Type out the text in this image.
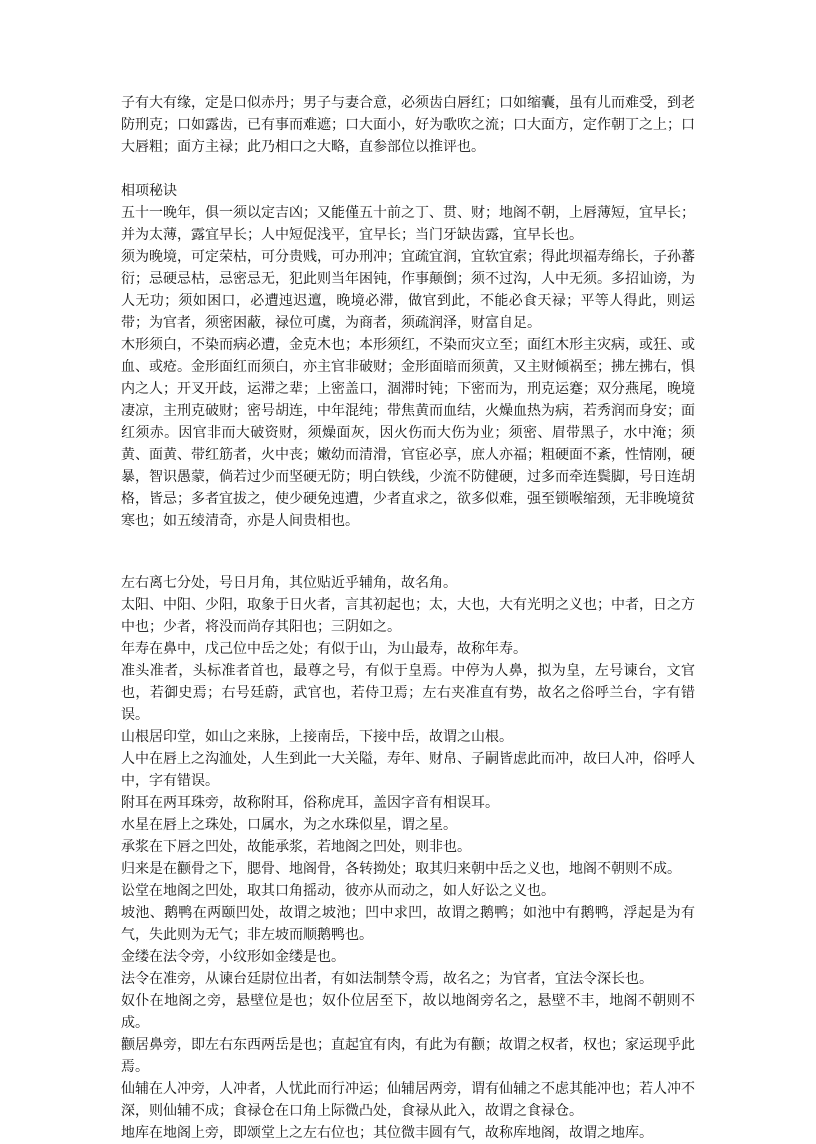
子有大有缘，定是口似赤丹；男子与妻合意，必须齿白唇红；口如缩囊，虽有儿而难受，到老防刑克；口如露齿，已有事而难遮；口大面小，好为歌吹之流；口大面方，定作朝丁之上；口大唇粗；面方主禄；此乃相口之大略，直参部位以推评也。

相项秘诀

五十一晚年，俱一须以定吉凶；又能僅五十前之丁、贯、财；地阁不朝，上唇薄短，宜早长；并为太薄，露宜早长；人中短促浅平，宜早长；当门牙缺齿露，宜早长也。

须为晚境，可定荣枯，可分贵贱，可办刑冲；宜疏宜润，宜软宜索；得此坝福寿绵长，子孙蕃衍；忌硬忌枯，忌密忌无，犯此则当年困钝，作事颠倒；须不过沟，人中无须。多招讪谤，为人无功；须如困口，必遭迍迟邅，晚境必滞，做官到此，不能必食天禄；平等人得此，则运带；为官者，须密困蔽，禄位可虞，为商者，须疏润泽，财富自足。

木形须白，不染而病必遭，金克木也；本形须红，不染而灾立至；面红木形主灾病，或狂、或血、或疮。金形面红而须白，亦主官非破财；金形面暗而须黄，又主财倾祸至；拂左拂右，惧内之人；开叉开歧，运滞之辈；上密盖口，涸滞时钝；下密而为，刑克运蹇；双分燕尾，晚境凄凉，主刑克破财；密号胡连，中年混纯；带焦黄而血结，火燥血热为病，若秀润而身安；面红须赤。因官非而大破资财，须燥面灰，因火伤而大伤为业；须密、眉带黑子，水中淹；须黄、面黄、带红筋者，火中丧；嫩幼而清滑，官宦必享，庶人亦福；粗硬面不紊，性情刚，硬暴，智识愚蒙，倘若过少而坚硬无防；明白铁线，少流不防健硬，过多而牵连鬓脚，号日连胡格，皆忌；多者宜拔之，使少硬免迍遭，少者直求之，欲多似难，强至锁喉缩颈，无非晚境贫寒也；如五绫清奇，亦是人间贵相也。

左右离七分处，号日月角，其位贴近乎辅角，故名角。

太阳、中阳、少阳，取象于日火者，言其初起也；太，大也，大有光明之义也；中者，日之方中也；少者，将没而尚存其阳也；三阴如之。

年寿在鼻中，戊己位中岳之处；有似于山，为山最寿，故称年寿。

准头准者，头标准者首也，最尊之号，有似于皇焉。中停为人鼻，拟为皇，左号谏台，文官也，若御史焉；右号廷蔚，武官也，若侍卫焉；左右夹准直有势，故名之俗呼兰台，字有错误。

山根居印堂，如山之来脉，上接南岳，下接中岳，故谓之山根。

人中在唇上之沟洫处，人生到此一大关隘，寿年、财帛、子嗣皆虑此而冲，故曰人冲，俗呼人中，字有错误。

附耳在两耳珠旁，故称附耳，俗称虎耳，盖因字音有相误耳。

水星在唇上之珠处，口属水，为之水珠似星，谓之星。

承浆在下唇之凹处，故能承浆，若地阁之凹处，则非也。

归来是在颧骨之下，腮骨、地阁骨，各转拗处；取其归来朝中岳之义也，地阁不朝则不成。

讼堂在地阁之凹处，取其口角摇动，彼亦从而动之，如人好讼之义也。

坡池、鹅鸭在两颐凹处，故谓之坡池；凹中求凹，故谓之鹅鸭；如池中有鹅鸭，浮起是为有气，失此则为无气；非左坡而顺鹅鸭也。

金缕在法令旁，小纹形如金缕是也。

法令在准旁，从谏台廷尉位出者，有如法制禁令焉，故名之；为官者，宜法令深长也。

奴仆在地阁之旁，悬壁位是也；奴仆位居至下，故以地阁旁名之，悬壁不丰，地阁不朝则不成。

颧居鼻旁，即左右东西两岳是也；直起宜有肉，有此为有颧；故谓之权者，权也；家运现乎此焉。

仙辅在人冲旁，人冲者，人忧此而行冲运；仙辅居两旁，谓有仙辅之不虑其能冲也；若人冲不深，则仙辅不成；食禄仓在口角上际微凸处，食禄从此入，故谓之食禄仓。

地库在地阁上旁，即颂堂上之左右位也；其位微丰圆有气，故称库地阁，故谓之地库。
